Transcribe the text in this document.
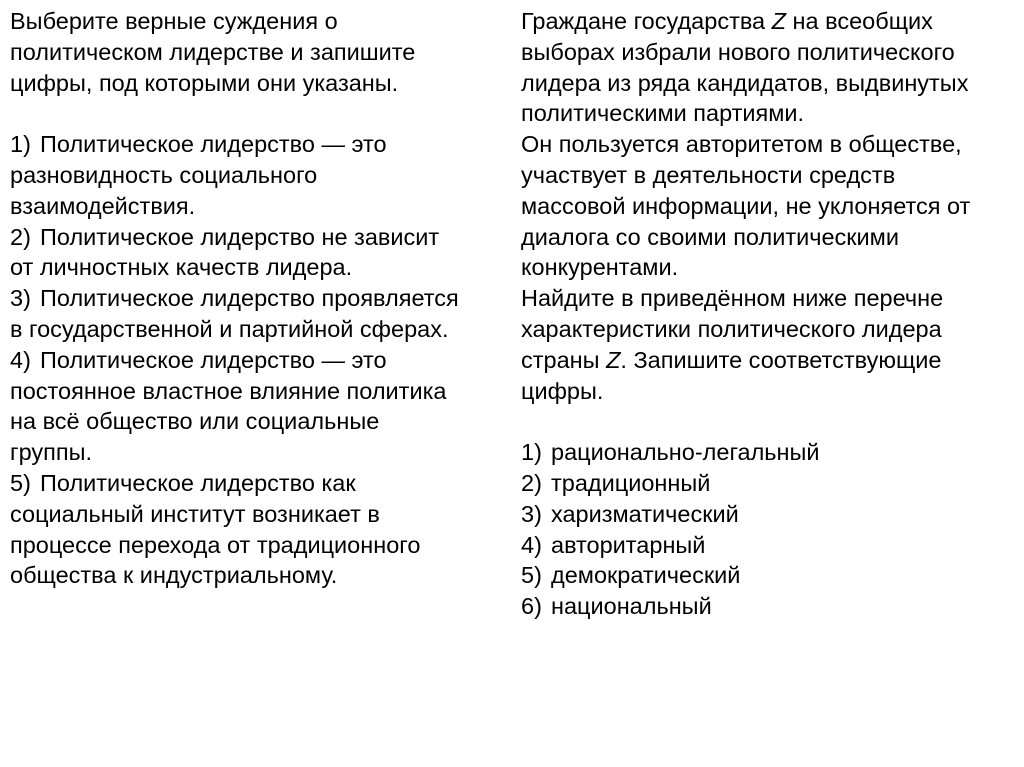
Выберите верные суждения о
политическом лидерстве и запишите
цифры, под которыми они указаны.
1) Политическое лидерство — это
разновидность социального
взаимодействия.
2) Политическое лидерство не зависит
от личностных качеств лидера.
3) Политическое лидерство проявляется
в государственной и партийной сферах.
4) Политическое лидерство — это
постоянное властное влияние политика
на всё общество или социальные
группы.
5) Политическое лидерство как
социальный институт возникает в
процессе перехода от традиционного
общества к индустриальному.
Граждане государства Z на всеобщих
выборах избрали нового политического
лидера из ряда кандидатов, выдвинутых
политическими партиями.
Он пользуется авторитетом в обществе,
участвует в деятельности средств
массовой информации, не уклоняется от
диалога со своими политическими
конкурентами.
Найдите в приведённом ниже перечне
характеристики политического лидера
страны Z. Запишите соответствующие
цифры.
1) рационально-легальный
2) традиционный
3) харизматический
4) авторитарный
5) демократический
6) национальный
